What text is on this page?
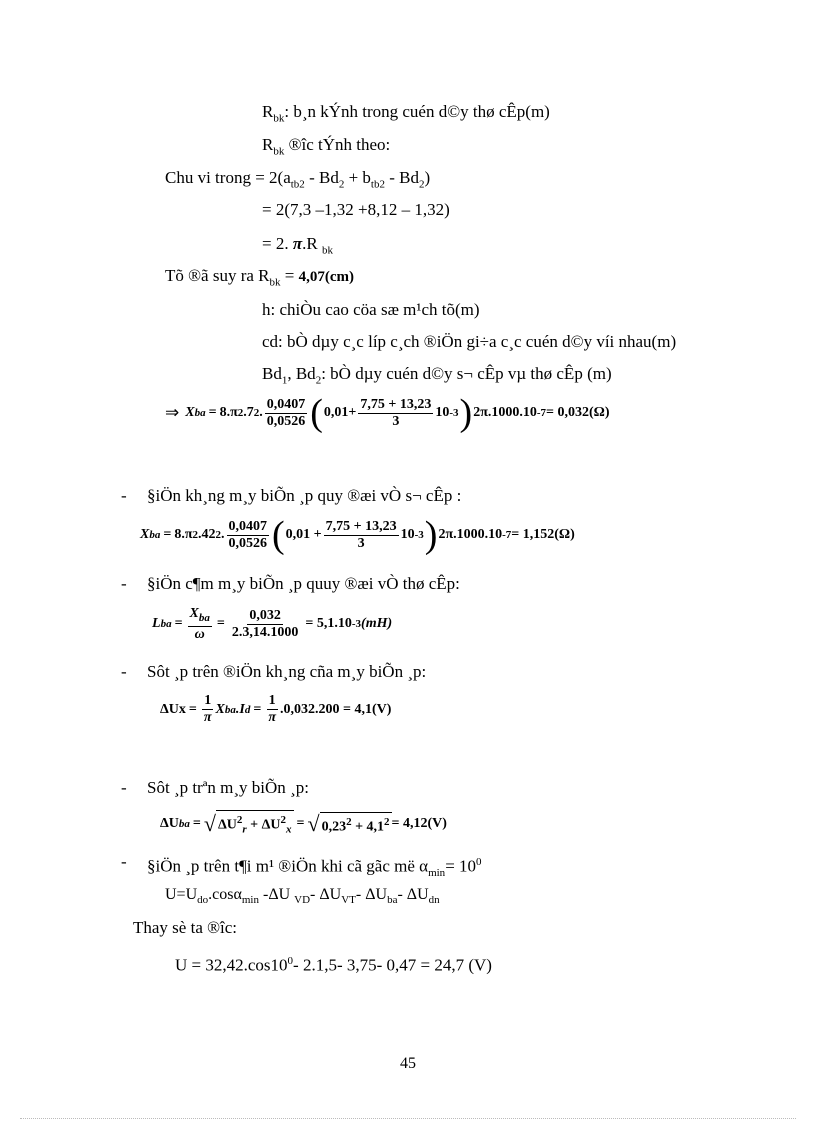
$R_{bk}$: b¸n kÝnh trong cuén d©y thø cÊp(m)
$R_{bk}$ ®îc tÝnh theo:
Chu vi trong = $2(a_{tb2} - Bd_2 + b_{tb2} - Bd_2)$
= 2(7,3 –1,32 +8,12 – 1,32)
= 2. π.R $_{bk}$
Tõ ®ã suy ra $R_{bk} = 4,07(cm)$
h: chiÒu cao cöa sæ m¹ch tõ(m)
cd: bÒ dµy c¸c líp c¸ch ®iÖn gi÷a c¸c cuén d©y víi nhau(m)
$Bd_1$, $Bd_2$: bÒ dµy cuén d©y s¬ cÊp vµ thø cÊp (m)
⇒ X ba = 8.π 2 .7 2 . $\frac{0,0407}{0,0526}$ ( $0,01+ \frac{7,75 + 13,23}{3} 10$ -3 ) 2π.1000.10 -7 = 0,032(Ω)
- §iÖn kh¸ng m¸y biÕn ¸p quy ®æi vÒ s¬ cÊp :
X ba = 8.π 2 .42 2 . $\frac{0,0407}{0,0526}$ ( $0,01 + \frac{7,75 + 13,23}{3} 10$ -3 ) 2π.1000.10 -7 = 1,152(Ω)
- §iÖn c¶m m¸y biÕn ¸p quuy ®æi vÒ thø cÊp:
L ba = $\frac{X_{ba}}{\omega} = \frac{0,032}{2.3,14.1000} = 5,1.10$ -3 (mH)
- Sôt ¸p trên ®iÖn kh¸ng cña m¸y biÕn ¸p:
$\Delta Ux = \frac{1}{\pi}$ X ba .I $d = \frac{1}{\pi} .0,032.200 = 4,1(V)$
- Sôt ¸p trªn m¸y biÕn ¸p:
ΔU ba = √ $\Delta U^2_r + \Delta U^2_x$ = √ $0,23^2 + 4,1^2 = 4,12(V)$
- §iÖn ¸p trên t¶i m¹ ®iÖn khi cã gãc më $\alpha_{min}= 10^0$
$U=U_{do}.\cos\alpha_{min}$ -ΔU $_{VD}$- $\Delta U_{VT}-$ $\Delta U_{ba}-$ $\Delta U_{dn}$
Thay sè ta ®îc:
$U = 32,42.\cos 10^0-$ 2.1,5- 3,75- 0,47 = 24,7 (V)
45
